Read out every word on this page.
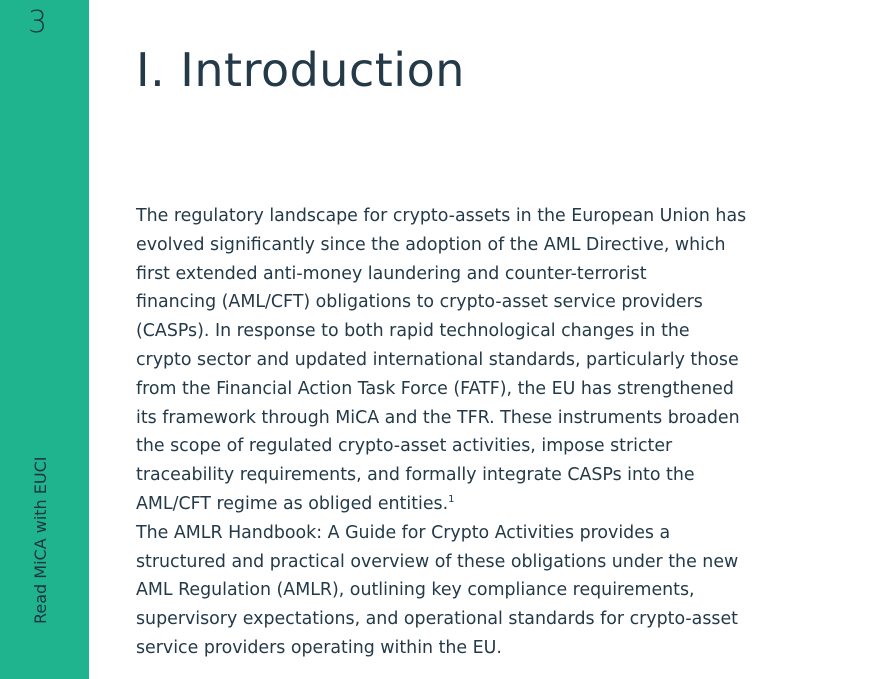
3
Read MiCA with EUCI
I. Introduction
The regulatory landscape for crypto-assets in the European Union has
evolved significantly since the adoption of the AML Directive, which
first extended anti-money laundering and counter-terrorist
financing (AML/CFT) obligations to crypto-asset service providers
(CASPs). In response to both rapid technological changes in the
crypto sector and updated international standards, particularly those
from the Financial Action Task Force (FATF), the EU has strengthened
its framework through MiCA and the TFR. These instruments broaden
the scope of regulated crypto-asset activities, impose stricter
traceability requirements, and formally integrate CASPs into the
AML/CFT regime as obliged entities.$^1$
The AMLR Handbook: A Guide for Crypto Activities provides a
structured and practical overview of these obligations under the new
AML Regulation (AMLR), outlining key compliance requirements,
supervisory expectations, and operational standards for crypto-asset
service providers operating within the EU.
